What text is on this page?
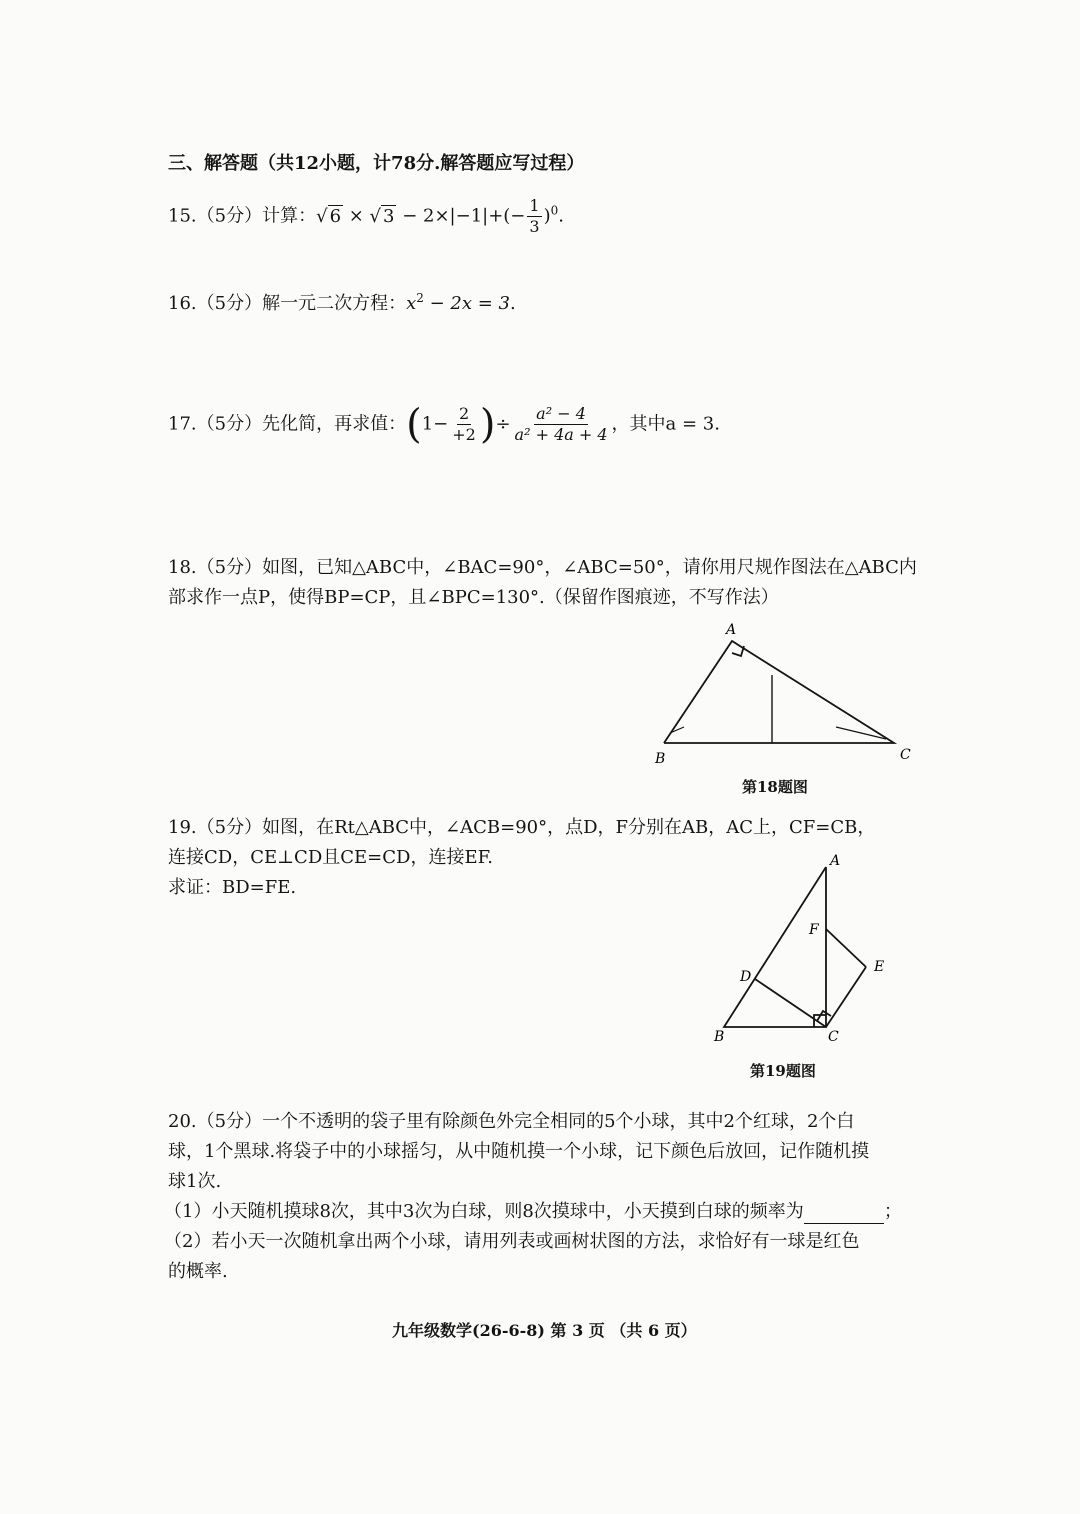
三、解答题（共12小题，计78分.解答题应写过程）
15.（5分）计算：√ 6 × √ $3 - 2\times|-1|+(- \frac{1}{3} )^0$.
16.（5分）解一元二次方程：$x^2 - 2x = 3$.
17.（5分）先化简，再求值：($1- \frac{2}{+2}$ )÷ $\frac{\text{a² − 4}}{\text{a² + 4a + 4}}$ ，其中a = 3.
18.（5分）如图，已知△ABC中，∠BAC=90°，∠ABC=50°，请你用尺规作图法在△ABC内
部求作一点P，使得BP=CP，且∠BPC=130°.（保留作图痕迹，不写作法）
A
B	C
第18题图
19.（5分）如图，在Rt△ABC中，∠ACB=90°，点D，F分别在AB，AC上，CF=CB，
连接CD，CE⊥CD且CE=CD，连接EF.
求证：BD=FE.
A
F
E
D
B	C
第19题图
20.（5分）一个不透明的袋子里有除颜色外完全相同的5个小球，其中2个红球，2个白
球，1个黑球.将袋子中的小球摇匀，从中随机摸一个小球，记下颜色后放回，记作随机摸
球1次.
（1）小天随机摸球8次，其中3次为白球，则8次摸球中，小天摸到白球的频率为	；
（2）若小天一次随机拿出两个小球，请用列表或画树状图的方法，求恰好有一球是红色
的概率.
九年级数学(26-6-8) 第 3 页 （共 6 页）
